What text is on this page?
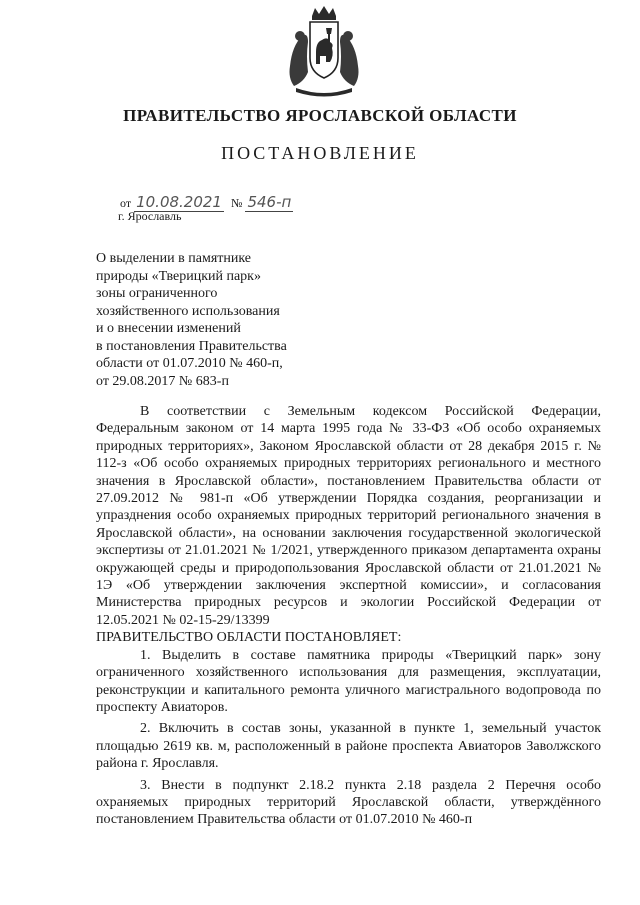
ПРАВИТЕЛЬСТВО ЯРОСЛАВСКОЙ ОБЛАСТИ
ПОСТАНОВЛЕНИЕ
от 10.08.2021 № 546-п
г. Ярославль
О выделении в памятнике
природы «Тверицкий парк»
зоны ограниченного
хозяйственного использования
и о внесении изменений
в постановления Правительства
области от 01.07.2010 № 460-п,
от 29.08.2017 № 683-п

В соответствии с Земельным кодексом Российской Федерации, Федеральным законом от 14 марта 1995 года № 33-ФЗ «Об особо охраняемых природных территориях», Законом Ярославской области от 28 декабря 2015 г. № 112-з «Об особо охраняемых природных территориях регионального и местного значения в Ярославской области», постановлением Правительства области от 27.09.2012 № 981-п «Об утверждении Порядка создания, реорганизации и упразднения особо охраняемых природных территорий регионального значения в Ярославской области», на основании заключения государственной экологической экспертизы от 21.01.2021 № 1/2021, утвержденного приказом департамента охраны окружающей среды и природопользования Ярославской области от 21.01.2021 № 1Э «Об утверждении заключения экспертной комиссии», и согласования Министерства природных ресурсов и экологии Российской Федерации от 12.05.2021 № 02-15-29/13399

ПРАВИТЕЛЬСТВО ОБЛАСТИ ПОСТАНОВЛЯЕТ:

1. Выделить в составе памятника природы «Тверицкий парк» зону ограниченного хозяйственного использования для размещения, эксплуатации, реконструкции и капитального ремонта уличного магистрального водопровода по проспекту Авиаторов.

2. Включить в состав зоны, указанной в пункте 1, земельный участок площадью 2619 кв. м, расположенный в районе проспекта Авиаторов Заволжского района г. Ярославля.

3. Внести в подпункт 2.18.2 пункта 2.18 раздела 2 Перечня особо охраняемых природных территорий Ярославской области, утверждённого постановлением Правительства области от 01.07.2010 № 460-п
